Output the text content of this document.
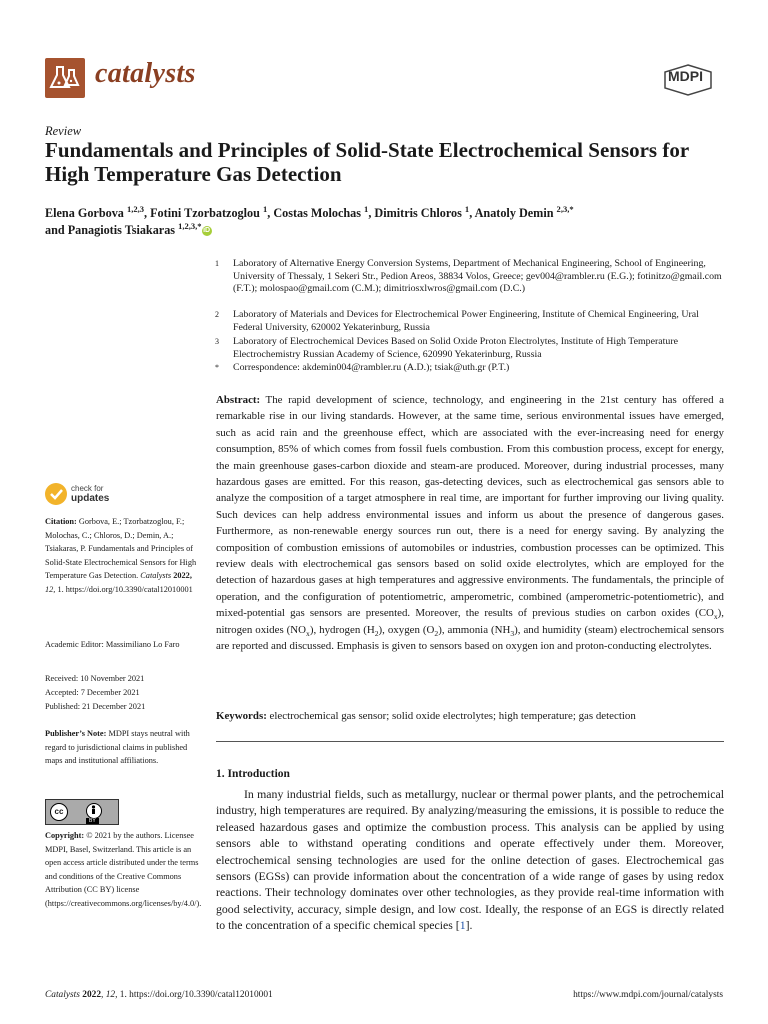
catalysts	MDPI
Review
Fundamentals and Principles of Solid-State Electrochemical Sensors for High Temperature Gas Detection
Elena Gorbova $^{1,2,3}$, Fotini Tzorbatzoglou $^1$, Costas Molochas $^1$, Dimitris Chloros $^1$, Anatoly Demin $^{2,3,*}$
and Panagiotis Tsiakaras $^{1,2,3,*}$ iD
1 Laboratory of Alternative Energy Conversion Systems, Department of Mechanical Engineering, School of Engineering, University of Thessaly, 1 Sekeri Str., Pedion Areos, 38834 Volos, Greece; gev004@rambler.ru (E.G.); fotinitzo@gmail.com (F.T.); molospao@gmail.com (C.M.); dimitriosxlwros@gmail.com (D.C.)
2 Laboratory of Materials and Devices for Electrochemical Power Engineering, Institute of Chemical Engineering, Ural Federal University, 620002 Yekaterinburg, Russia
3 Laboratory of Electrochemical Devices Based on Solid Oxide Proton Electrolytes, Institute of High Temperature Electrochemistry Russian Academy of Science, 620990 Yekaterinburg, Russia
* Correspondence: akdemin004@rambler.ru (A.D.); tsiak@uth.gr (P.T.)
Abstract: The rapid development of science, technology, and engineering in the 21st century has offered a remarkable rise in our living standards. However, at the same time, serious environmental issues have emerged, such as acid rain and the greenhouse effect, which are associated with the ever-increasing need for energy consumption, 85% of which comes from fossil fuels combustion. From this combustion process, except for energy, the main greenhouse gases-carbon dioxide and steam-are produced. Moreover, during industrial processes, many hazardous gases are emitted. For this reason, gas-detecting devices, such as electrochemical gas sensors able to analyze the composition of a target atmosphere in real time, are important for further improving our living quality. Such devices can help address environmental issues and inform us about the presence of dangerous gases. Furthermore, as non-renewable energy sources run out, there is a need for energy saving. By analyzing the composition of combustion emissions of automobiles or industries, combustion processes can be optimized. This review deals with electrochemical gas sensors based on solid oxide electrolytes, which are employed for the detection of hazardous gases at high temperatures and aggressive environments. The fundamentals, the principle of operation, and the configuration of potentiometric, amperometric, combined (amperometric-potentiometric), and mixed-potential gas sensors are presented. Moreover, the results of previous studies on carbon oxides $(CO_x)$, nitrogen oxides $(NO_x)$, hydrogen $(H_2)$, oxygen $(O_2)$, ammonia $(NH_3)$, and humidity (steam) electrochemical sensors are reported and discussed. Emphasis is given to sensors based on oxygen ion and proton-conducting electrolytes.
Keywords: electrochemical gas sensor; solid oxide electrolytes; high temperature; gas detection
1. Introduction
In many industrial fields, such as metallurgy, nuclear or thermal power plants, and the petrochemical industry, high temperatures are required. By analyzing/measuring the emissions, it is possible to reduce the released hazardous gases and optimize the combustion process. This analysis can be applied by using sensors able to withstand operating conditions and operate effectively under them. Moreover, electrochemical sensing technologies are used for the online detection of gases. Electrochemical gas sensors (EGSs) can provide information about the concentration of a wide range of gases by using redox reactions. Their technology dominates over other technologies, as they provide real-time information with good selectivity, accuracy, simple design, and low cost. Ideally, the response of an EGS is directly related to the concentration of a specific chemical species [1].
check for
updates
Citation: Gorbova, E.; Tzorbatzoglou, F.; Molochas, C.; Chloros, D.; Demin, A.; Tsiakaras, P. Fundamentals and Principles of Solid-State Electrochemical Sensors for High Temperature Gas Detection. Catalysts 2022, 12, 1. https://doi.org/10.3390/catal12010001
Academic Editor: Massimiliano Lo Faro
Received: 10 November 2021
Accepted: 7 December 2021
Published: 21 December 2021
Publisher’s Note: MDPI stays neutral with regard to jurisdictional claims in published maps and institutional affiliations.
cc
BY
Copyright: © 2021 by the authors. Licensee MDPI, Basel, Switzerland. This article is an open access article distributed under the terms and conditions of the Creative Commons Attribution (CC BY) license (https://creativecommons.org/licenses/by/4.0/).
Catalysts 2022, 12, 1. https://doi.org/10.3390/catal12010001	https://www.mdpi.com/journal/catalysts
